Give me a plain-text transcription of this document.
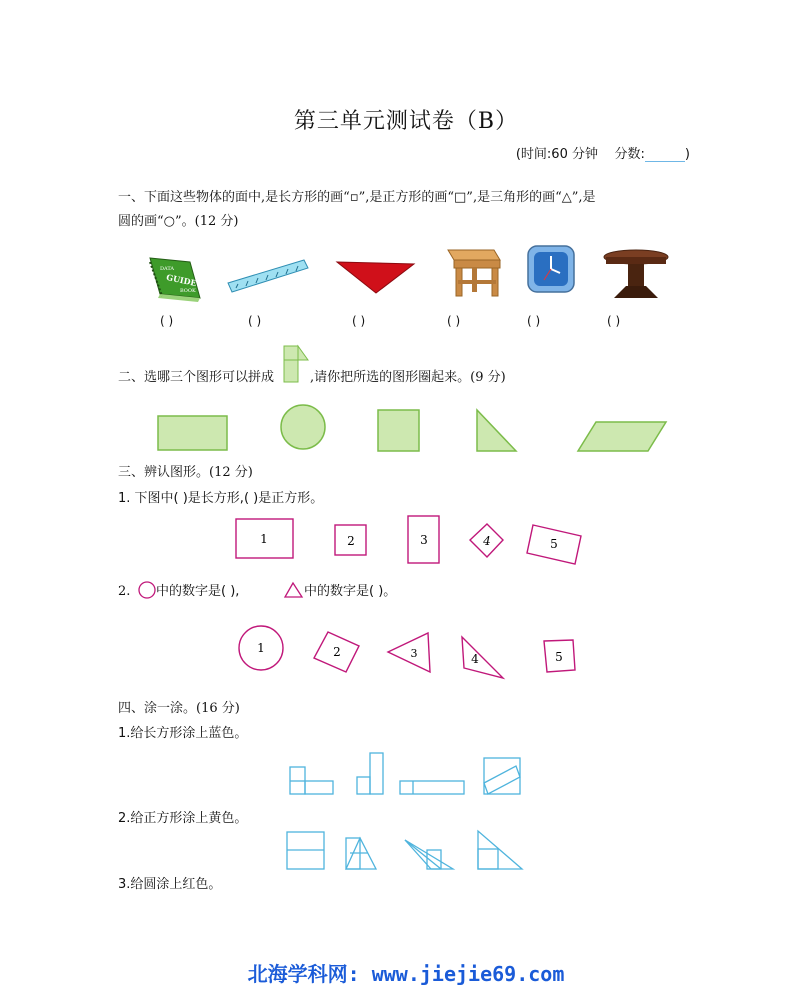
第三单元测试卷（B）
(时间:60 分钟 分数:	)
一、下面这些物体的面中,是长方形的画“▫”,是正方形的画“□”,是三角形的画“△”,是
圆的画“○”。(12 分)
DATA
GUIDE
BOOK
1	2	3	4	5
1	2	3	4	5
( )	( )	( )	( )	( )	( )
二、选哪三个图形可以拼成	,请你把所选的图形圈起来。(9 分)
三、辨认图形。(12 分)
1. 下图中( )是长方形,( )是正方形。
2. 中的数字是( ),	中的数字是( )。
四、涂一涂。(16 分)
1.给长方形涂上蓝色。
2.给正方形涂上黄色。
3.给圆涂上红色。
北海学科网: www.jiejie69.com
